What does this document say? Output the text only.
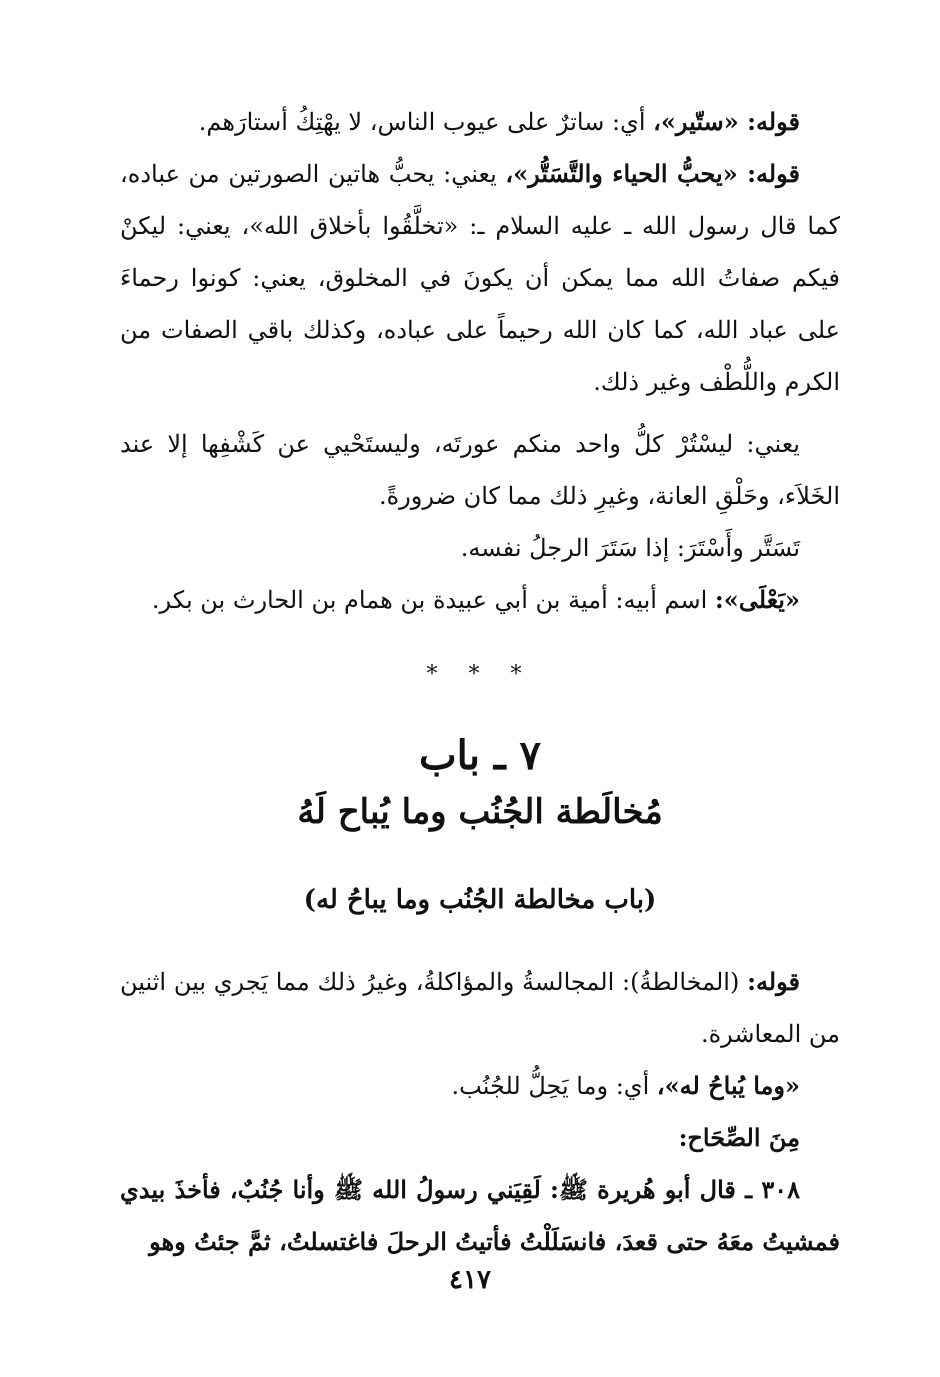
قوله: «ستّير»، أي: ساترٌ على عيوب الناس، لا يهْتِكُ أستارَهم.

قوله: «يحبُّ الحياء والتَّسَتُّر»، يعني: يحبُّ هاتين الصورتين من عباده، كما قال رسول الله ـ عليه السلام ـ: «تخلَّقُوا بأخلاق الله»، يعني: ليكنْ فيكم صفاتُ الله مما يمكن أن يكونَ في المخلوق، يعني: كونوا رحماءَ على عباد الله، كما كان الله رحيماً على عباده، وكذلك باقي الصفات من الكرم واللُّطْف وغير ذلك.

يعني: ليسْتُرْ كلُّ واحد منكم عورتَه، وليستَحْيي عن كَشْفِها إلا عند الخَلاَء، وحَلْقِ العانة، وغيرِ ذلك مما كان ضرورةً.

تَسَتَّر وأَسْتَرَ: إذا سَتَرَ الرجلُ نفسه.

«يَعْلَى»: اسم أبيه: أمية بن أبي عبيدة بن همام بن الحارث بن بكر.

* * *
٧ ـ باب
مُخالَطة الجُنُب وما يُباح لَهُ
(باب مخالطة الجُنُب وما يباحُ له)

قوله: (المخالطةُ): المجالسةُ والمؤاكلةُ، وغيرُ ذلك مما يَجري بين اثنين من المعاشرة.

«وما يُباحُ له»، أي: وما يَحِلُّ للجُنُب.

مِنَ الصِّحَاح:

٣٠٨ ـ قال أبو هُريرة ﷺ: لَقِيَني رسولُ الله ﷺ وأنا جُنُبٌ، فأخذَ بيدي فمشيتُ معَهُ حتى قعدَ، فانسَلَلْتُ فأتيتُ الرحلَ فاغتسلتُ، ثمَّ جئتُ وهو

٤١٧
